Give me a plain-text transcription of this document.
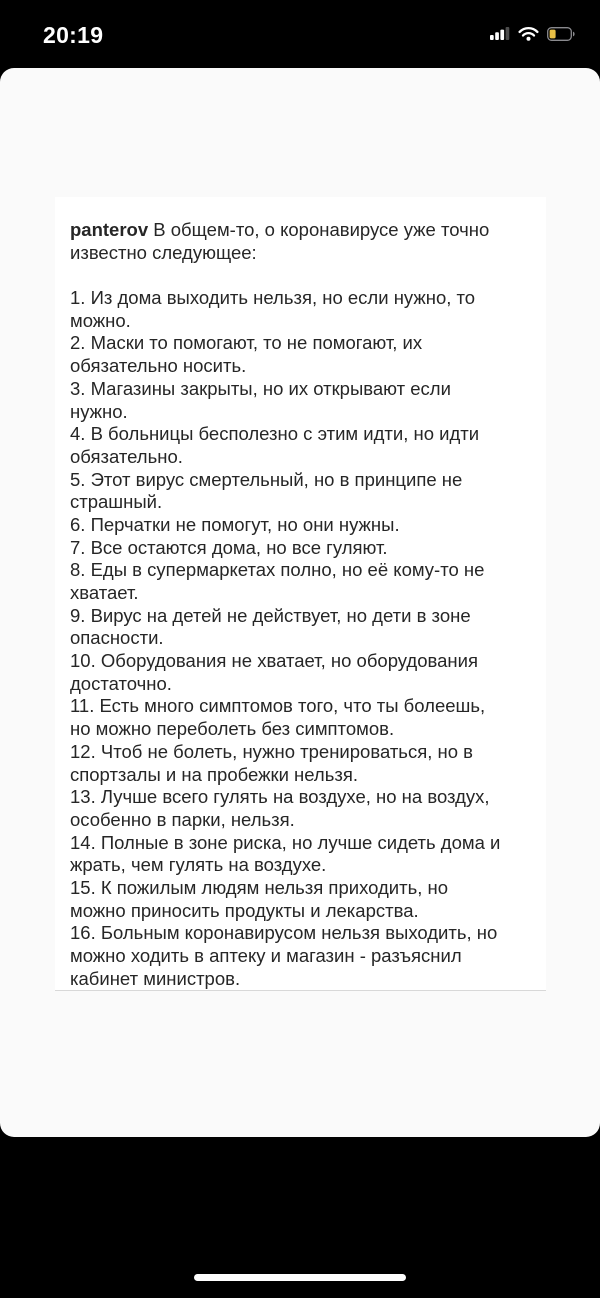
20:19
panterov В общем-то, о коронавирусе уже точно
известно следующее:

1. Из дома выходить нельзя, но если нужно, то
можно.
2. Маски то помогают, то не помогают, их
обязательно носить.
3. Магазины закрыты, но их открывают если
нужно.
4. В больницы бесполезно с этим идти, но идти
обязательно.
5. Этот вирус смертельный, но в принципе не
страшный.
6. Перчатки не помогут, но они нужны.
7. Все остаются дома, но все гуляют.
8. Еды в супермаркетах полно, но её кому-то не
хватает.
9. Вирус на детей не действует, но дети в зоне
опасности.
10. Оборудования не хватает, но оборудования
достаточно.
11. Есть много симптомов того, что ты болеешь,
но можно переболеть без симптомов.
12. Чтоб не болеть, нужно тренироваться, но в
спортзалы и на пробежки нельзя.
13. Лучше всего гулять на воздухе, но на воздух,
особенно в парки, нельзя.
14. Полные в зоне риска, но лучше сидеть дома и
жрать, чем гулять на воздухе.
15. К пожилым людям нельзя приходить, но
можно приносить продукты и лекарства.
16. Больным коронавирусом нельзя выходить, но
можно ходить в аптеку и магазин - разъяснил
кабинет министров.
